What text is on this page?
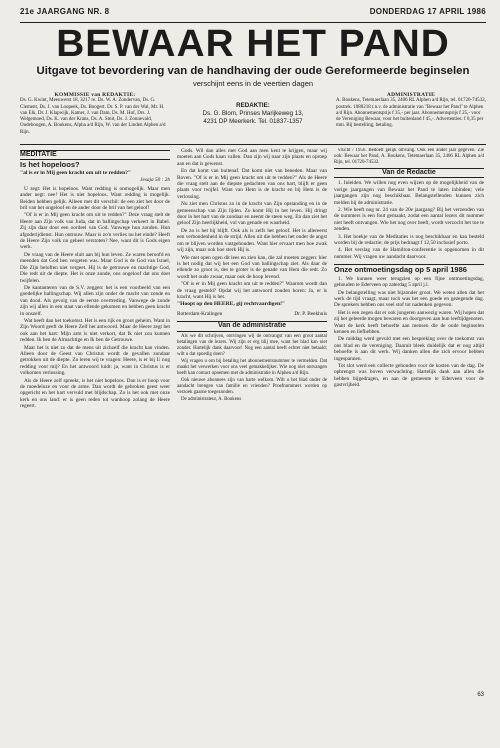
21e JAARGANG NR. 8	DONDERDAG 17 APRIL 1986
BEWAAR HET PAND
Uitgave tot bevordering van de handhaving der oude Gereformeerde beginselen
verschijnt eens in de veertien dagen
KOMMISSIE van REDAKTIE:
Ds. G. Kwint, Meeuwerst 18, 3217 re. Ds. W. A. Zondervan, Ds. G. Clement, Ds. J. van Loopeek, Ds. Boogert. Dr. S. P. van der Wal, Mr. H. van Elk, Dr. J. Klapwijk, Kamer, J. van Dam, Ds. M. Hof, Drs. J. Welgemoed, Ds. K. van der Krans, Ds. A. Smit, Ds. J. Zonnevald, Oudeboogen, A. Boukens, Alpha a/d Rijn, W. van der Linden Alphen a/d Rijn.
REDAKTIE:
Ds. G. Blom, Prinses Marijkeweg 13,
4231 DP Meerkerk. Tel. 01837-1357
ADMINISTRATIE
A. Boukens, Tetemaerlaan 35, 2406 RL Alphen a/d Rijn, tel. 01720-74532, postrek. 1080218 t.n.v. de administratie van "Bewaar het Pand" te Alphen a/d Rijn. Abonnementsprijs f 35,- per jaar. Abonnementsprijs f 25,- voor de Vereniging Bewaar, voor het buitenland f 45,-. Advertenties: f 0,35 per mm. Bij bestelling, betaling.
MEDITATIE
Is het hopeloos?

"al is er in Mij geen kracht om uit te redden?"

Jesaja 50 : 2b

U zegt: Het is hopeloos. Want redding is onmogelijk. Maar men ander negt: nee! Het is niet hopeloos. Want redding is mogelijk. Beiden hebben gelijk. Alleen met dit verschil: de een ziet het door de bril van het ongeloof en de ander door de bril van het geloof!

"Of is er in Mij geen kracht om uit te redden?" Deze vraag stelt de Heere aan Zijn volk van Juda, dat in ballingschap verkeert in Babel. Zij zijn daar door een oordeel van God. Vanwege hun zonden. Hun afgoderijdienst. Hun ontrouw. Maar is zo'n verlies nu het einde? Heeft de Heere Zijn volk nu geheel verstoten? Nee, want dit is Gods eigen werk.

De vraag van de Heere sluit aan bij hun leven. Ze waren beroofd en meenden dat God hen vergeten was. Maar God is de God van Israel, Die Zijn beloften niet vergeet. Hij is de getrouwe en machtige God, Die redt uit de diepte. Het is onze zonde, ons ongeloof dat ons doet twijfelen.

De kantanteren van de S.V. zeggen: het is een voorbeeld van een goedelijke ballingschap. Wij allen zijn onder de macht van zonde en van dood. Als gevolg van de eerste overtreding. Vanwege de zonde zijn wij allen in een staat van ellende gekomen en hebben geen kracht in onszelf.

Wat heeft dan het toekomst. Het is een rijk en groot geheim. Want in Zijn Woord geeft de Heere Zelf het antwoord. Maar de Heere zegt het ook aan het hart: Mijn arm is niet verkort, dat Ik niet zou kunnen redden. Ik ben de Almachtige en Ik ben de Getrouwe.

Maar het is niet zo dat de mens uit zichzelf die kracht kan vinden. Alleen door de Geest van Christus wordt de gevallen zondaar getrokken uit de diepte. Zo leren wij te vragen: Heere, is er bij U nog redding voor mij? En het antwoord luidt: ja, want in Christus is er volkomen verlossing.

Als de Heere zelf spreekt, is het niet hopeloos. Dan is er hoop voor de moedeloze en voor de arme. Dan wordt de gebroken geest weer opgericht en het hart vervuld met blijdschap. Zo is het ook met onze kerk en ons land: er is geen reden tot wanhoop zolang de Heere regeert.

Gods. Wil dan alles met God aan men kent te krijgen, maar wij moeten aan Gods kaan vallen. Dan zijn wij naar zijn plaats en oproep aan en dat is gewenst.

En dat komt van buitenaf. Dat komt niet van beneden. Maar van Boven. "Of is er in Mij geen kracht om uit te redden?" Als de Heere die vraag stelt aan de diepste gedachten van ons hart, blijft er geen plaats voor twijfel. Want van Hem is de kracht en bij Hem is de verlossing.

Nu ziet men Christus zo in de kracht van Zijn opstanding en in de gemeenschap van Zijn lijden. Zo komt Hij in het leven. Hij dringt door in het hart van de zondaar en neemt de steen weg. En dan ziet het geloof Zijn heerlijkheid, vol van genade en waarheid.

De zo is het bij blijft. Ook als is zelfs het geloof. Het is allereerst een verbondenheid in de strijd. Allen uit die hebben het onder de angst om te blijven worden vastgehouden. Want hier ervaart men hoe zwak wij zijn, maar ook hoe sterk Hij is.

Wie met open ogen dit lees en zien kan, die zal moeten zeggen: hier is het nodig dat wij het een God van ballingschap ziet. Als daar de ellende zo groot is, des te groter is de genade van Hem die redt. Zo wordt het oude zwaar, maar ook de hoop levend.

"Of is er in Mij geen kracht om uit te redden?" Waarom wordt dan de vraag gesteld? Opdat wij het antwoord zouden horen: Ja, er is kracht, want Hij is het.

"Hoopt op den HEERE, gij rechtvaardigen!"

Rotterdam-Kralingen	Dr. P. Beekhuis
Van de administratie

Als we dit schrijven, ontvingen wij de ontvangst van een groot aantal betalingen van de lezers. Wij zijn er erg blij mee, want het blad kan niet zonder. Hartelijk dank daarvoor! Nog een aantal heeft echter niet betaald; wilt u dat spoedig doen?

Wij vragen u om bij betaling het abonnementsnummer te vermelden. Dat maakt het verwerken voor ons veel gemakkelijker. Wie nog niet ontvangen heeft kan contact opnemen met de administratie in Alphen a/d Rijn.

Ook nieuwe abonnees zijn van harte welkom. Wilt u het blad onder de aandacht brengen van familie en vrienden? Proefnummers worden op verzoek gaarne toegezonden.

De administrateur, A. Boukens

vrucht / 1956. Bedoelt gelijk omvang. Ook een ander jaar gegeven. Zie ook: Bewaar het Pand, A. Boukens, Tetemaerlaan 35, 2406 RL Alphen a/d Rijn, tel. 01720-74532.

Van de Redactie

1. Inleiden. We willen nog even wijzen op de mogelijkheid van de vorige jaargangen van Bewaar het Pand te laten inbinden; vele jaargangen zijn nog beschikbaar. Belangstellenden kunnen zich melden bij de administratie.

2. Wie heeft nog nr. 24 van de 20e jaargang? Bij het verzenden van de nummers is een fout gemaakt, zodat een aantal lezers dit nummer niet heeft ontvangen. Wie het nog over heeft, wordt verzocht het toe te zenden.

3. Het boekje van de Meditaties is nog beschikbaar en kan besteld worden bij de redactie; de prijs bedraagt f 12,50 inclusief porto.

4. Het verslag van de Hamilton-conferentie is opgenomen in dit nummer. Wij vragen uw aandacht daarvoor.

Onze ontmoetingsdag op 5 april 1986

1. We kunnen weer terugzien op een fijne ontmoetingsdag, gehouden te Ederveen op zaterdag 5 april j.l.

De belangstelling was niet bijzonder groot. We weten allen dat het werk de tijd vraagt, maar toch was het een goede en gezegende dag. De sprekers hebben ons veel stof tot nadenken gegeven.

Het is een zegen dat er ook jongeren aanwezig waren. Wij hopen dat zij het geleerde mogen bewaren en doorgeven aan hun leeftijdgenoten. Want de kerk heeft behoefte aan mensen die de oude beginselen kennen en liefhebben.

De middag werd gevuld met een bespreking over de toekomst van ons blad en de vereniging. Daaruit bleek duidelijk dat er nog altijd behoefte is aan dit werk. Wij danken allen die zich ervoor hebben ingespannen.

Tot slot werd een collecte gehouden voor de kosten van de dag. De opbrengst was boven verwachting. Hartelijk dank aan allen die hebben bijgedragen, en aan de gemeente te Ederveen voor de gastvrijheid.

63
